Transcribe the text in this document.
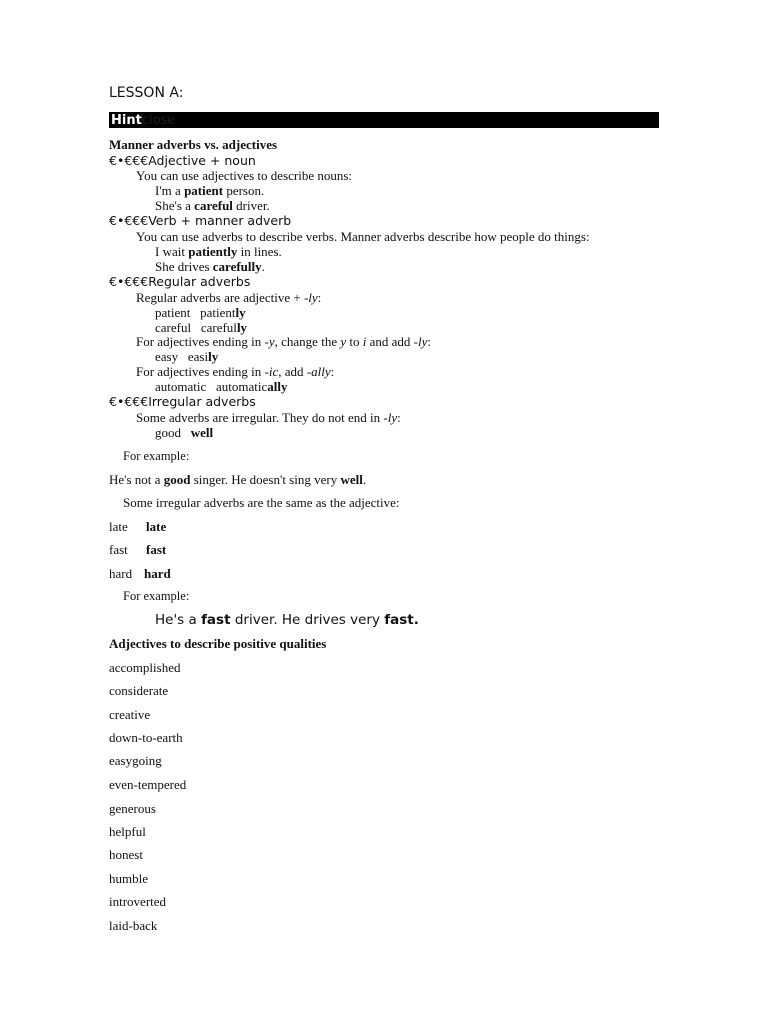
LESSON A:
Hint close
Manner adverbs vs. adjectives
€•€€€Adjective + noun
You can use adjectives to describe nouns:
I'm a patient person.
She's a careful driver.
€•€€€Verb + manner adverb
You can use adverbs to describe verbs. Manner adverbs describe how people do things:
I wait patiently in lines.
She drives carefully.
€•€€€Regular adverbs
Regular adverbs are adjective + -ly:
patient patiently
careful carefully
For adjectives ending in -y, change the y to i and add -ly:
easy easily
For adjectives ending in -ic, add -ally:
automatic automatically
€•€€€Irregular adverbs
Some adverbs are irregular. They do not end in -ly:
good well
For example:
He's not a good singer. He doesn't sing very well.
Some irregular adverbs are the same as the adjective:
late late
fast fast
hard hard
For example:
He's a fast driver. He drives very fast.
Adjectives to describe positive qualities
accomplished
considerate
creative
down-to-earth
easygoing
even-tempered
generous
helpful
honest
humble
introverted
laid-back
